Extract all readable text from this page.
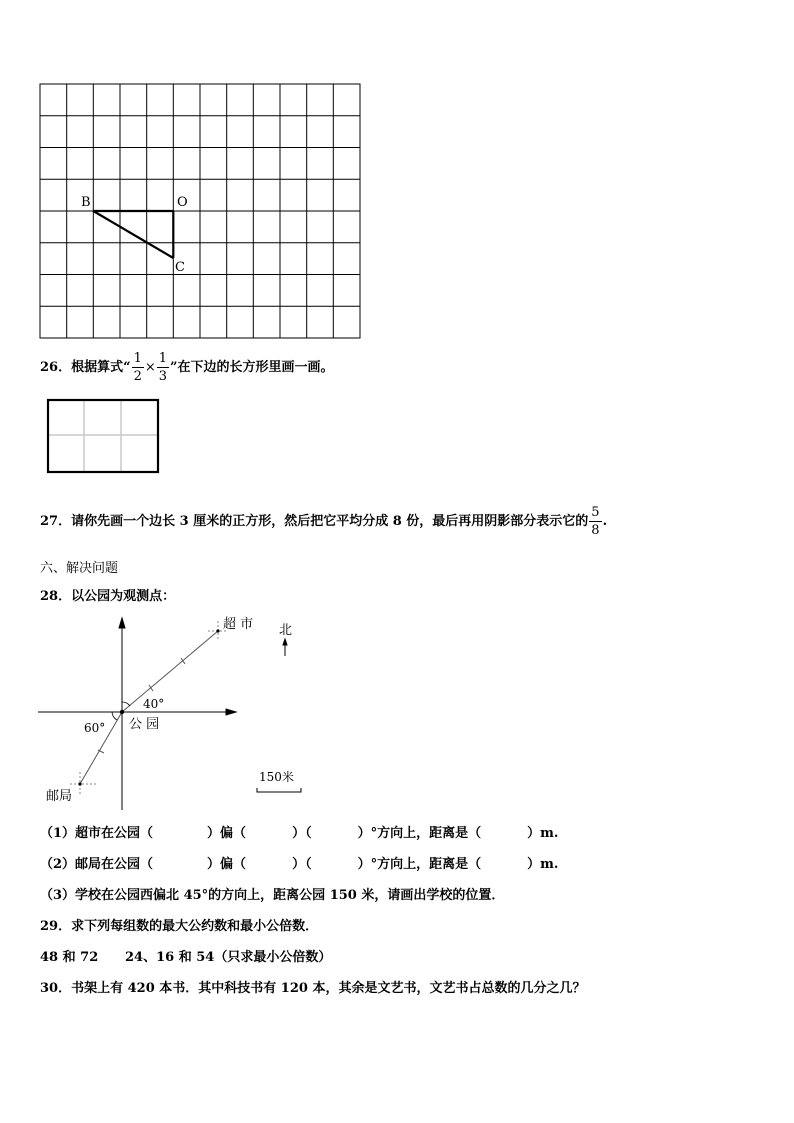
B	O
C
26．根据算式“ $\frac{1}{2} \times \frac{1}{3}$ ”在下边的长方形里画一画。
27．请你先画一个边长 3 厘米的正方形，然后把它平均分成 8 份，最后再用阴影部分表示它的 $\frac{5}{8}$ .
六、解决问题
28．以公园为观测点：
超 市 北
40°
60° 公 园
邮局
150米
（1）超市在公园（	）偏（	）（	）°方向上，距离是（	）m.
（2）邮局在公园（	）偏（	）（	）°方向上，距离是（	）m.
（3）学校在公园西偏北 45°的方向上，距离公园 150 米，请画出学校的位置．
29．求下列每组数的最大公约数和最小公倍数．
48 和 72 24、16 和 54（只求最小公倍数）
30．书架上有 420 本书．其中科技书有 120 本，其余是文艺书，文艺书占总数的几分之几？
